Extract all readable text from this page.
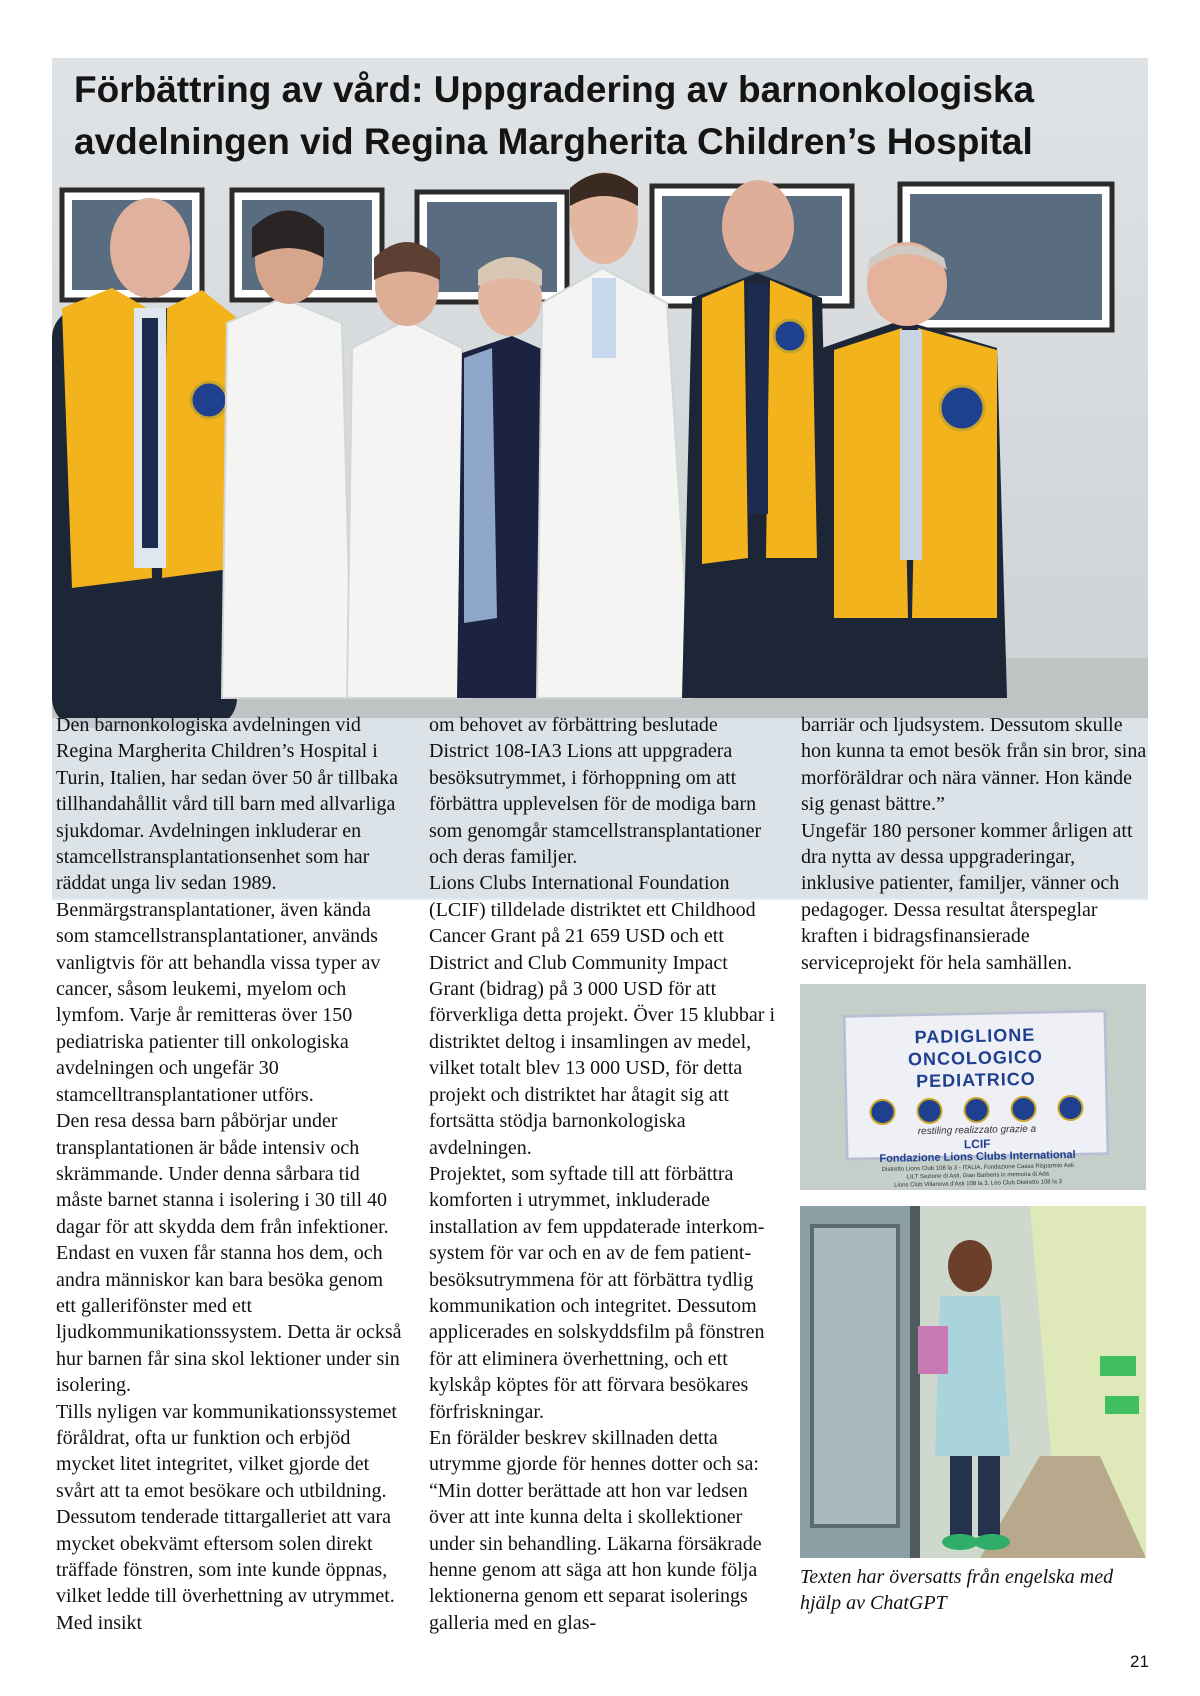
Förbättring av vård: Uppgradering av barnonkologiska avdelningen vid Regina Margherita Children’s Hospital

Den barnonkologiska avdelningen vid Regina Margherita Children’s Hospital i Turin, Italien, har sedan över 50 år tillbaka tillhandahållit vård till barn med allvarliga sjukdomar. Avdelningen inkluderar en stamcellstransplantationsenhet som har räddat unga liv sedan 1989. Benmärgstransplantationer, även kända som stamcellstransplantationer, används vanligtvis för att behandla vissa typer av cancer, såsom leukemi, myelom och lymfom. Varje år remitteras över 150 pediatriska patienter till onkologiska avdelningen och ungefär 30 stamcelltransplantationer utförs.

Den resa dessa barn påbörjar under transplantationen är både intensiv och skrämmande. Under denna sårbara tid måste barnet stanna i isolering i 30 till 40 dagar för att skydda dem från infektioner. Endast en vuxen får stanna hos dem, och andra människor kan bara besöka genom ett gallerifönster med ett ljudkommunikationssystem. Detta är också hur barnen får sina skol lektioner under sin isolering.

Tills nyligen var kommunikationssystemet föråldrat, ofta ur funktion och erbjöd mycket litet integritet, vilket gjorde det svårt att ta emot besökare och utbildning. Dessutom tenderade tittargalleriet att vara mycket obekvämt eftersom solen direkt träffade fönstren, som inte kunde öppnas, vilket ledde till överhettning av utrymmet. Med insikt

om behovet av förbättring beslutade District 108-IA3 Lions att uppgradera besöksutrymmet, i förhoppning om att förbättra upplevelsen för de modiga barn som genomgår stamcellstransplantationer och deras familjer.

Lions Clubs International Foundation (LCIF) tilldelade distriktet ett Childhood Cancer Grant på 21 659 USD och ett District and Club Community Impact Grant (bidrag) på 3 000 USD för att förverkliga detta projekt. Över 15 klubbar i distriktet deltog i insamlingen av medel, vilket totalt blev 13 000 USD, för detta projekt och distriktet har åtagit sig att fortsätta stödja barnonkologiska avdelningen.

Projektet, som syftade till att förbättra komforten i utrymmet, inkluderade installation av fem uppdaterade interkom-system för var och en av de fem patient-besöksutrymmena för att förbättra tydlig kommunikation och integritet. Dessutom applicerades en solskyddsfilm på fönstren för att eliminera överhettning, och ett kylskåp köptes för att förvara besökares förfriskningar.

En förälder beskrev skillnaden detta utrymme gjorde för hennes dotter och sa: “Min dotter berättade att hon var ledsen över att inte kunna delta i skollektioner under sin behandling. Läkarna försäkrade henne genom att säga att hon kunde följa lektionerna genom ett separat isolerings galleria med en glas-

barriär och ljudsystem. Dessutom skulle hon kunna ta emot besök från sin bror, sina morföräldrar och nära vänner. Hon kände sig genast bättre.”

Ungefär 180 personer kommer årligen att dra nytta av dessa uppgraderingar, inklusive patienter, familjer, vänner och pedagoger. Dessa resultat återspeglar kraften i bidragsfinansierade serviceprojekt för hela samhällen.

PADIGLIONE ONCOLOGICO
PEDIATRICO
restiling realizzato grazie a
LCIF
Fondazione Lions Clubs International
Distretto Lions Club 108 la 3 - ITALIA, Fondazione Cassa Risparmio Asti
LILT Sezione di Asti, Gian Barberis in memoria di Ada
Lions Club Villanova d'Asti 108 la 3, Leo Club Distretto 108 la 3

Texten har översatts från engelska med hjälp av ChatGPT

21
